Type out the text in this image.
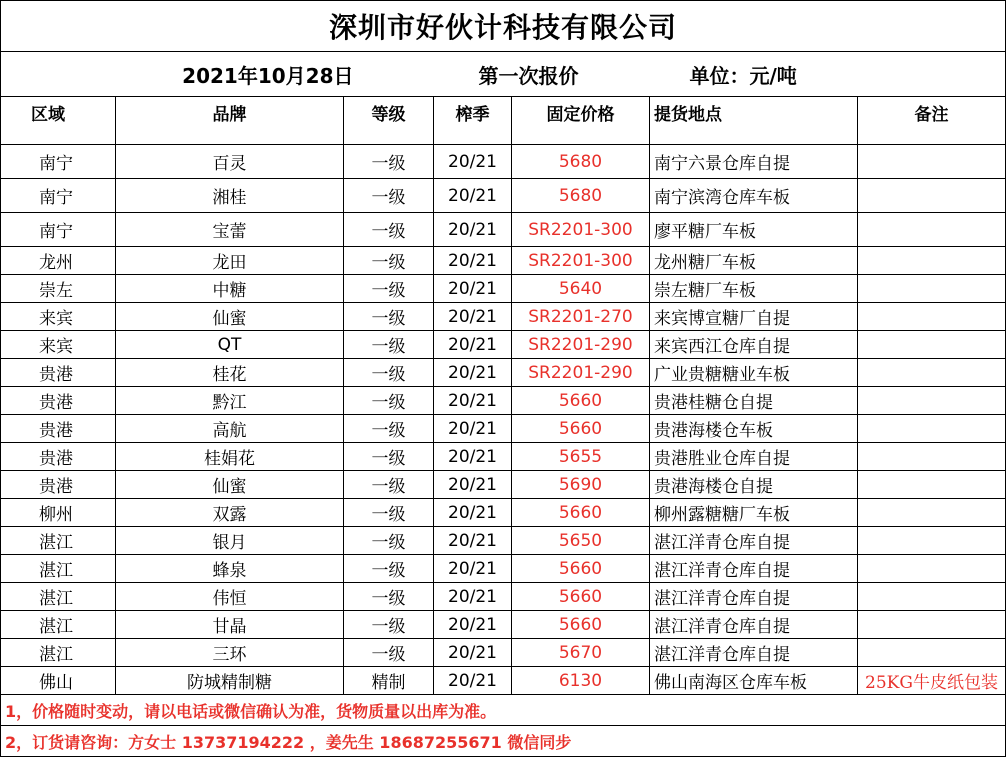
深圳市好伙计科技有限公司						
2021年10月28日			第一次报价		单位：元/吨	
区域	品牌	等级	榨季	固定价格	提货地点	备注
南宁	百灵	一级	20/21	5680	南宁六景仓库自提	
南宁	湘桂	一级	20/21	5680	南宁滨湾仓库车板	
南宁	宝蕾	一级	20/21	SR2201-300	廖平糖厂车板	
龙州	龙田	一级	20/21	SR2201-300	龙州糖厂车板	
崇左	中糖	一级	20/21	5640	崇左糖厂车板	
来宾	仙蜜	一级	20/21	SR2201-270	来宾博宣糖厂自提	
来宾	QT	一级	20/21	SR2201-290	来宾西江仓库自提	
贵港	桂花	一级	20/21	SR2201-290	广业贵糖糖业车板	
贵港	黔江	一级	20/21	5660	贵港桂糖仓自提	
贵港	高航	一级	20/21	5660	贵港海楼仓车板	
贵港	桂娟花	一级	20/21	5655	贵港胜业仓库自提	
贵港	仙蜜	一级	20/21	5690	贵港海楼仓自提	
柳州	双露	一级	20/21	5660	柳州露糖糖厂车板	
湛江	银月	一级	20/21	5650	湛江洋青仓库自提	
湛江	蜂泉	一级	20/21	5660	湛江洋青仓库自提	
湛江	伟恒	一级	20/21	5660	湛江洋青仓库自提	
湛江	甘晶	一级	20/21	5660	湛江洋青仓库自提	
湛江	三环	一级	20/21	5670	湛江洋青仓库自提	
佛山	防城精制糖	精制	20/21	6130	佛山南海区仓库车板	25KG牛皮纸包装
1，价格随时变动，请以电话或微信确认为准，货物质量以出库为准。						
2，订货请咨询：方女士 13737194222 ，姜先生 18687255671 微信同步						
